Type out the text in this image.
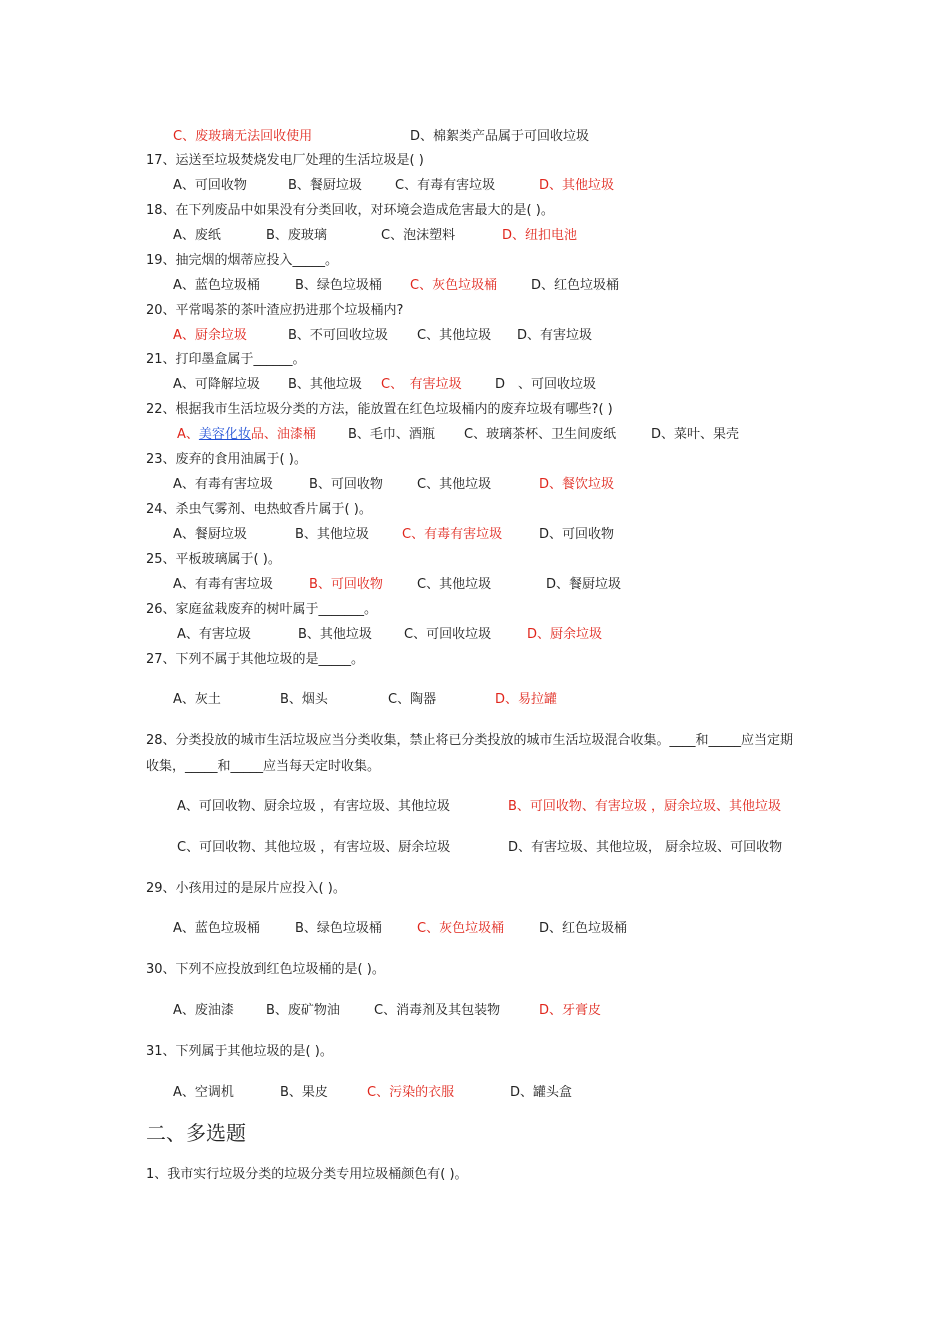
C、废玻璃无法回收使用	D、棉絮类产品属于可回收垃圾
17、运送至垃圾焚烧发电厂处理的生活垃圾是( )
A、可回收物	B、餐厨垃圾	C、有毒有害垃圾	D、其他垃圾
18、在下列废品中如果没有分类回收，对环境会造成危害最大的是( )。
A、废纸	B、废玻璃	C、泡沫塑料	D、纽扣电池
19、抽完烟的烟蒂应投入_____。
A、蓝色垃圾桶	B、绿色垃圾桶 C、灰色垃圾桶	D、红色垃圾桶
20、平常喝茶的茶叶渣应扔进那个垃圾桶内?
A、厨余垃圾	B、不可回收垃圾 C、其他垃圾 D、有害垃圾
21、打印墨盒属于______。
A、可降解垃圾 B、其他垃圾 C、　有害垃圾	D　、可回收垃圾
22、根据我市生活垃圾分类的方法，能放置在红色垃圾桶内的废弃垃圾有哪些?( )
A、美容化妆品、油漆桶 B、毛巾、酒瓶 C、玻璃茶杯、卫生间废纸	D、菜叶、果壳
23、废弃的食用油属于( )。
A、有毒有害垃圾	B、可回收物	C、其他垃圾	D、餐饮垃圾
24、杀虫气雾剂、电热蚊香片属于( )。
A、餐厨垃圾	B、其他垃圾	C、有毒有害垃圾	D、可回收物
25、平板玻璃属于( )。
A、有毒有害垃圾	B、可回收物	C、其他垃圾	D、餐厨垃圾
26、家庭盆栽废弃的树叶属于_______。
A、有害垃圾	B、其他垃圾 C、可回收垃圾	D、厨余垃圾
27、下列不属于其他垃圾的是_____。
A、灰土	B、烟头	C、陶器	D、易拉罐
28、分类投放的城市生活垃圾应当分类收集，禁止将已分类投放的城市生活垃圾混合收集。____和_____应当定期
收集，_____和_____应当每天定时收集。
A、可回收物、厨余垃圾 ，有害垃圾、其他垃圾	B、可回收物、有害垃圾 ，厨余垃圾、其他垃圾
C、可回收物、其他垃圾 ，有害垃圾、厨余垃圾	D、有害垃圾、其他垃圾， 厨余垃圾、可回收物
29、小孩用过的是尿片应投入( )。
A、蓝色垃圾桶	B、绿色垃圾桶	C、灰色垃圾桶	D、红色垃圾桶
30、下列不应投放到红色垃圾桶的是( )。
A、废油漆 B、废矿物油	C、消毒剂及其包装物	D、牙膏皮
31、下列属于其他垃圾的是( )。
A、空调机	B、果皮	C、污染的衣服	D、罐头盒
二、多选题
1、我市实行垃圾分类的垃圾分类专用垃圾桶颜色有( )。
